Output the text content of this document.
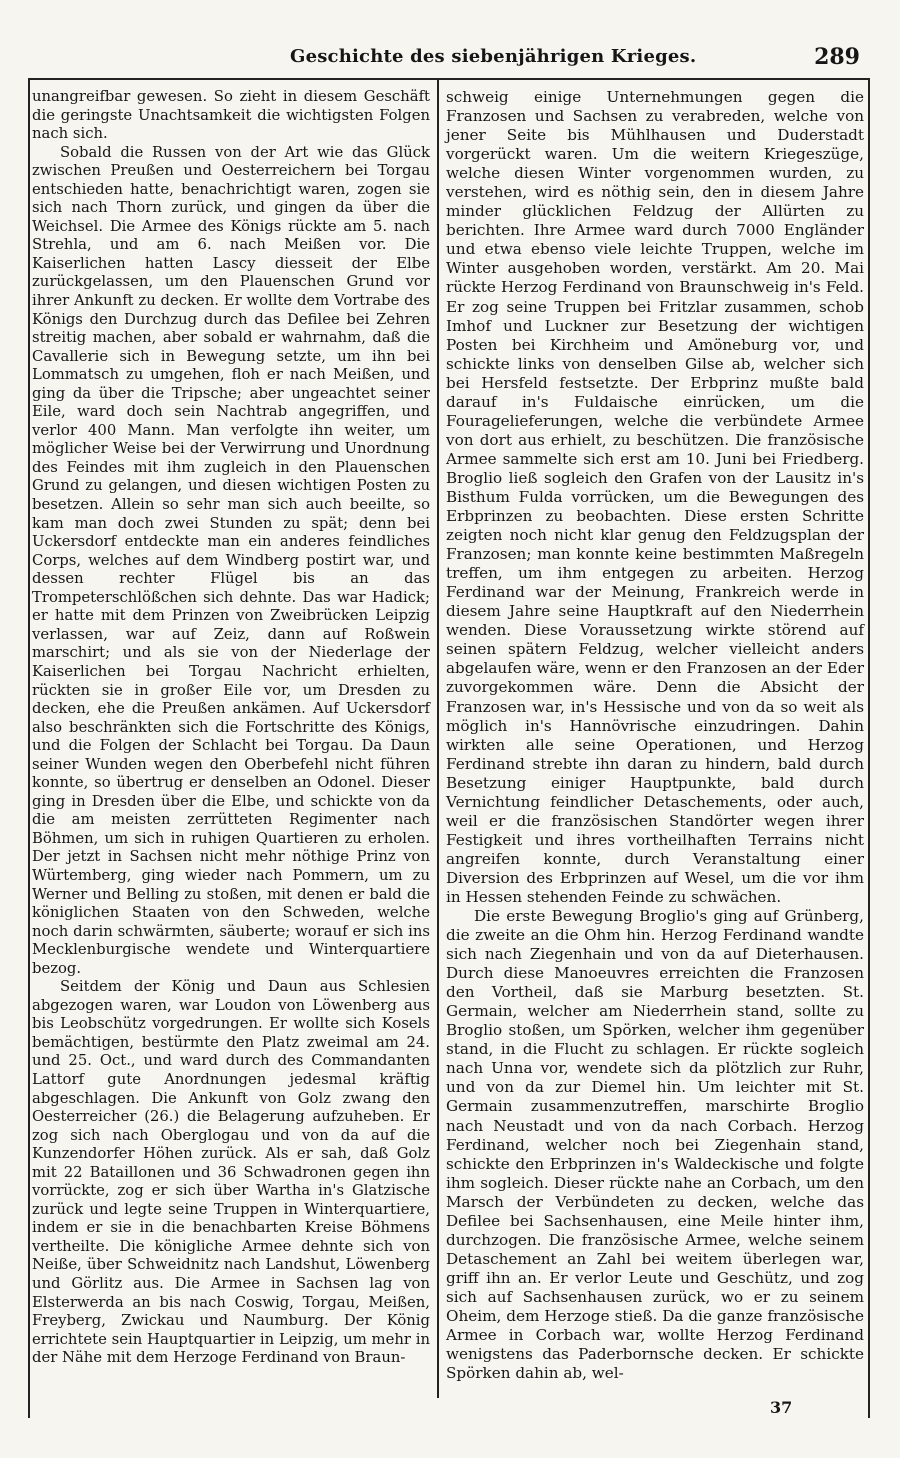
Geschichte des siebenjährigen Krieges.	289

unangreifbar gewesen. So zieht in diesem Geschäft die geringste Unachtsamkeit die wichtigsten Folgen nach sich.

Sobald die Russen von der Art wie das Glück zwischen Preußen und Oesterreichern bei Torgau entschieden hatte, benachrichtigt waren, zogen sie sich nach Thorn zurück, und gingen da über die Weichsel. Die Armee des Königs rückte am 5. nach Strehla, und am 6. nach Meißen vor. Die Kaiserlichen hatten Lascy diesseit der Elbe zurückgelassen, um den Plauenschen Grund vor ihrer Ankunft zu decken. Er wollte dem Vortrabe des Königs den Durchzug durch das Defilee bei Zehren streitig machen, aber sobald er wahrnahm, daß die Cavallerie sich in Bewegung setzte, um ihn bei Lommatsch zu umgehen, floh er nach Meißen, und ging da über die Tripsche; aber ungeachtet seiner Eile, ward doch sein Nachtrab angegriffen, und verlor 400 Mann. Man verfolgte ihn weiter, um möglicher Weise bei der Verwirrung und Unordnung des Feindes mit ihm zugleich in den Plauenschen Grund zu gelangen, und diesen wichtigen Posten zu besetzen. Allein so sehr man sich auch beeilte, so kam man doch zwei Stunden zu spät; denn bei Uckersdorf entdeckte man ein anderes feindliches Corps, welches auf dem Windberg postirt war, und dessen rechter Flügel bis an das Trompeterschlößchen sich dehnte. Das war Hadick; er hatte mit dem Prinzen von Zweibrücken Leipzig verlassen, war auf Zeiz, dann auf Roßwein marschirt; und als sie von der Niederlage der Kaiserlichen bei Torgau Nachricht erhielten, rückten sie in großer Eile vor, um Dresden zu decken, ehe die Preußen ankämen. Auf Uckersdorf also beschränkten sich die Fortschritte des Königs, und die Folgen der Schlacht bei Torgau. Da Daun seiner Wunden wegen den Oberbefehl nicht führen konnte, so übertrug er denselben an Odonel. Dieser ging in Dresden über die Elbe, und schickte von da die am meisten zerrütteten Regimenter nach Böhmen, um sich in ruhigen Quartieren zu erholen. Der jetzt in Sachsen nicht mehr nöthige Prinz von Würtemberg, ging wieder nach Pommern, um zu Werner und Belling zu stoßen, mit denen er bald die königlichen Staaten von den Schweden, welche noch darin schwärmten, säuberte; worauf er sich ins Mecklenburgische wendete und Winterquartiere bezog.

Seitdem der König und Daun aus Schlesien abgezogen waren, war Loudon von Löwenberg aus bis Leobschütz vorgedrungen. Er wollte sich Kosels bemächtigen, bestürmte den Platz zweimal am 24. und 25. Oct., und ward durch des Commandanten Lattorf gute Anordnungen jedesmal kräftig abgeschlagen. Die Ankunft von Golz zwang den Oesterreicher (26.) die Belagerung aufzuheben. Er zog sich nach Oberglogau und von da auf die Kunzendorfer Höhen zurück. Als er sah, daß Golz mit 22 Bataillonen und 36 Schwadronen gegen ihn vorrückte, zog er sich über Wartha in's Glatzische zurück und legte seine Truppen in Winterquartiere, indem er sie in die benachbarten Kreise Böhmens vertheilte. Die königliche Armee dehnte sich von Neiße, über Schweidnitz nach Landshut, Löwenberg und Görlitz aus. Die Armee in Sachsen lag von Elsterwerda an bis nach Coswig, Torgau, Meißen, Freyberg, Zwickau und Naumburg. Der König errichtete sein Hauptquartier in Leipzig, um mehr in der Nähe mit dem Herzoge Ferdinand von Braun-

schweig einige Unternehmungen gegen die Franzosen und Sachsen zu verabreden, welche von jener Seite bis Mühlhausen und Duderstadt vorgerückt waren. Um die weitern Kriegeszüge, welche diesen Winter vorgenommen wurden, zu verstehen, wird es nöthig sein, den in diesem Jahre minder glücklichen Feldzug der Allürten zu berichten. Ihre Armee ward durch 7000 Engländer und etwa ebenso viele leichte Truppen, welche im Winter ausgehoben worden, verstärkt. Am 20. Mai rückte Herzog Ferdinand von Braunschweig in's Feld. Er zog seine Truppen bei Fritzlar zusammen, schob Imhof und Luckner zur Besetzung der wichtigen Posten bei Kirchheim und Amöneburg vor, und schickte links von denselben Gilse ab, welcher sich bei Hersfeld festsetzte. Der Erbprinz mußte bald darauf in's Fuldaische einrücken, um die Fouragelieferungen, welche die verbündete Armee von dort aus erhielt, zu beschützen. Die französische Armee sammelte sich erst am 10. Juni bei Friedberg. Broglio ließ sogleich den Grafen von der Lausitz in's Bisthum Fulda vorrücken, um die Bewegungen des Erbprinzen zu beobachten. Diese ersten Schritte zeigten noch nicht klar genug den Feldzugsplan der Franzosen; man konnte keine bestimmten Maßregeln treffen, um ihm entgegen zu arbeiten. Herzog Ferdinand war der Meinung, Frankreich werde in diesem Jahre seine Hauptkraft auf den Niederrhein wenden. Diese Voraussetzung wirkte störend auf seinen spätern Feldzug, welcher vielleicht anders abgelaufen wäre, wenn er den Franzosen an der Eder zuvorgekommen wäre. Denn die Absicht der Franzosen war, in's Hessische und von da so weit als möglich in's Hannövrische einzudringen. Dahin wirkten alle seine Operationen, und Herzog Ferdinand strebte ihn daran zu hindern, bald durch Besetzung einiger Hauptpunkte, bald durch Vernichtung feindlicher Detaschements, oder auch, weil er die französischen Standörter wegen ihrer Festigkeit und ihres vortheilhaften Terrains nicht angreifen konnte, durch Veranstaltung einer Diversion des Erbprinzen auf Wesel, um die vor ihm in Hessen stehenden Feinde zu schwächen.

Die erste Bewegung Broglio's ging auf Grünberg, die zweite an die Ohm hin. Herzog Ferdinand wandte sich nach Ziegenhain und von da auf Dieterhausen. Durch diese Manoeuvres erreichten die Franzosen den Vortheil, daß sie Marburg besetzten. St. Germain, welcher am Niederrhein stand, sollte zu Broglio stoßen, um Spörken, welcher ihm gegenüber stand, in die Flucht zu schlagen. Er rückte sogleich nach Unna vor, wendete sich da plötzlich zur Ruhr, und von da zur Diemel hin. Um leichter mit St. Germain zusammenzutreffen, marschirte Broglio nach Neustadt und von da nach Corbach. Herzog Ferdinand, welcher noch bei Ziegenhain stand, schickte den Erbprinzen in's Waldeckische und folgte ihm sogleich. Dieser rückte nahe an Corbach, um den Marsch der Verbündeten zu decken, welche das Defilee bei Sachsenhausen, eine Meile hinter ihm, durchzogen. Die französische Armee, welche seinem Detaschement an Zahl bei weitem überlegen war, griff ihn an. Er verlor Leute und Geschütz, und zog sich auf Sachsenhausen zurück, wo er zu seinem Oheim, dem Herzoge stieß. Da die ganze französische Armee in Corbach war, wollte Herzog Ferdinand wenigstens das Paderbornsche decken. Er schickte Spörken dahin ab, wel-

37
